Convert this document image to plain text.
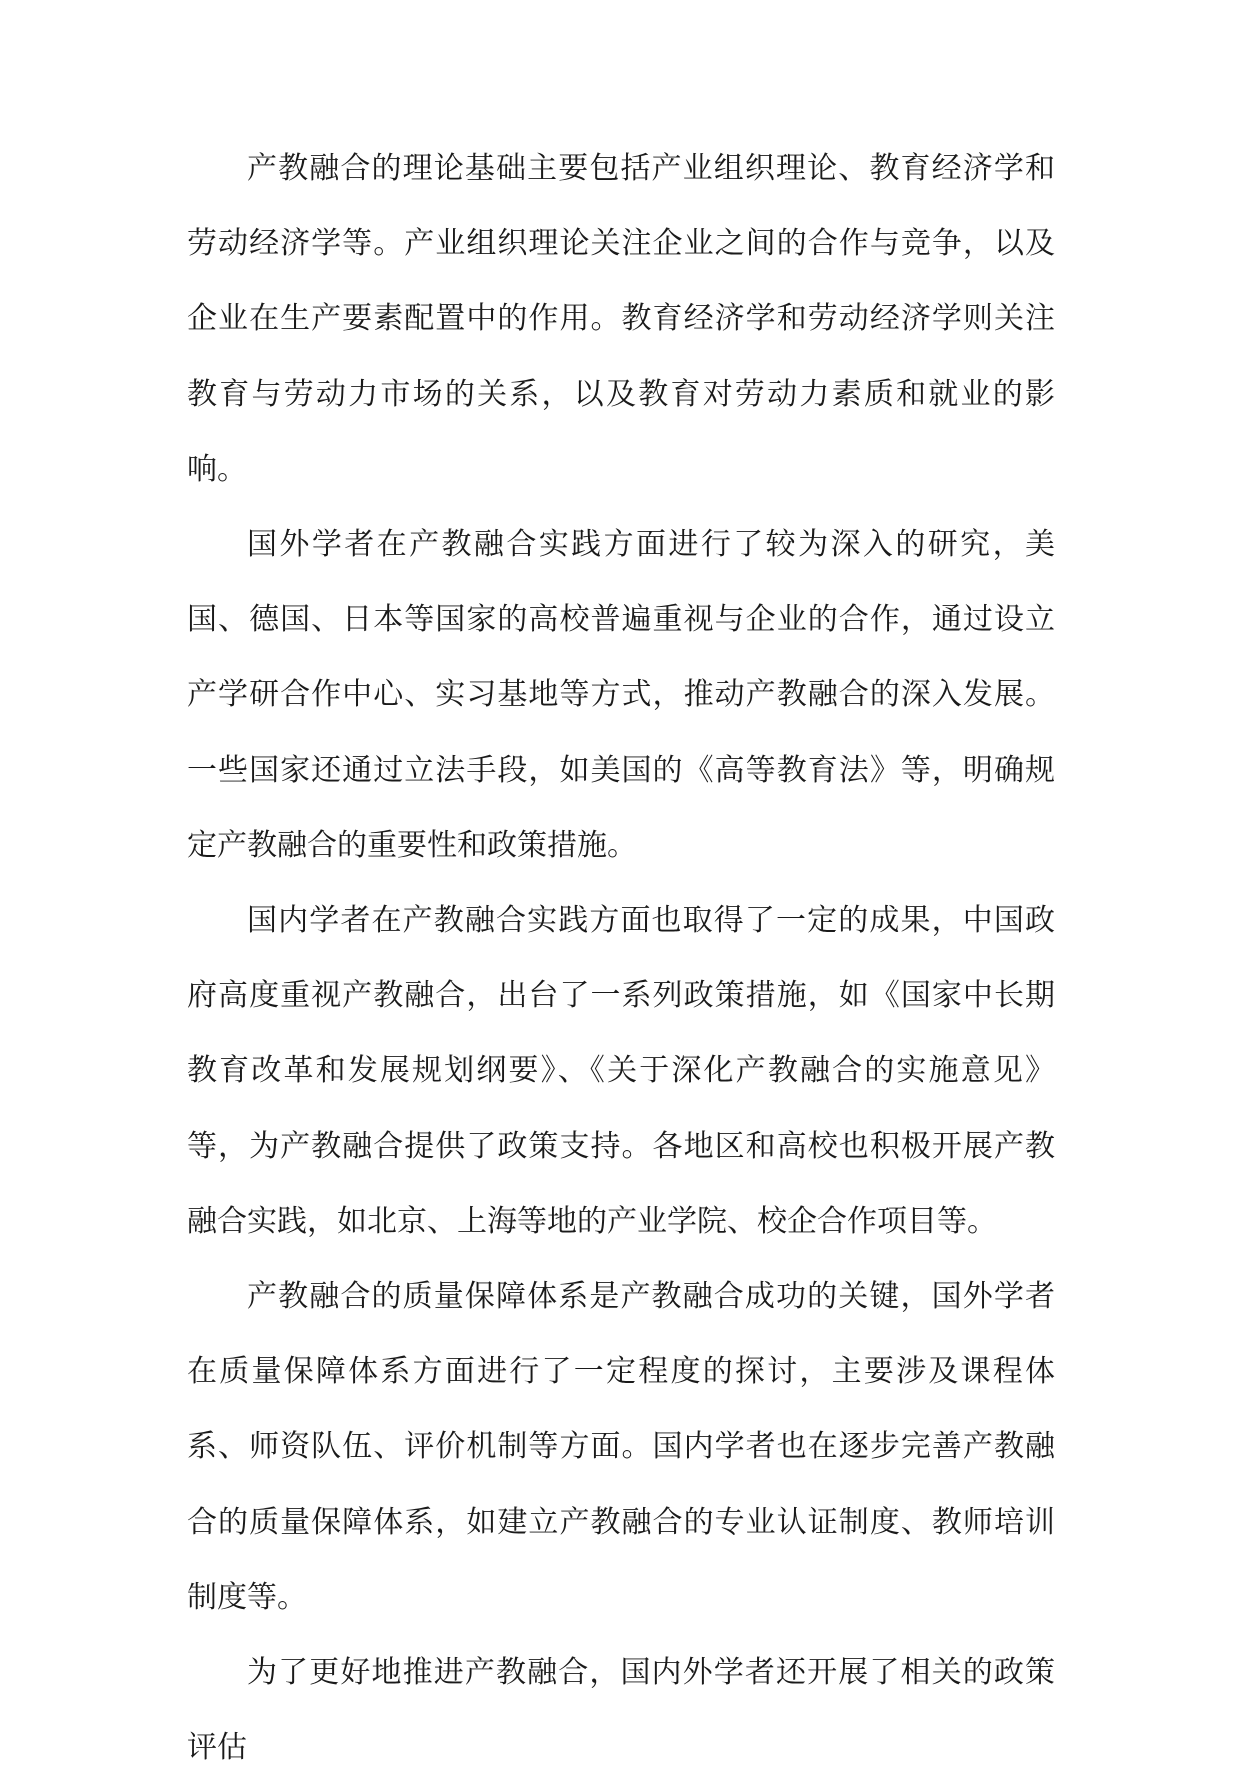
产教融合的理论基础主要包括产业组织理论、教育经济学和劳动经济学等。产业组织理论关注企业之间的合作与竞争，以及企业在生产要素配置中的作用。教育经济学和劳动经济学则关注教育与劳动力市场的关系，以及教育对劳动力素质和就业的影响。

国外学者在产教融合实践方面进行了较为深入的研究，美国、德国、日本等国家的高校普遍重视与企业的合作，通过设立产学研合作中心、实习基地等方式，推动产教融合的深入发展。一些国家还通过立法手段，如美国的《高等教育法》等，明确规定产教融合的重要性和政策措施。

国内学者在产教融合实践方面也取得了一定的成果，中国政府高度重视产教融合，出台了一系列政策措施，如《国家中长期教育改革和发展规划纲要》、《关于深化产教融合的实施意见》等，为产教融合提供了政策支持。各地区和高校也积极开展产教融合实践，如北京、上海等地的产业学院、校企合作项目等。

产教融合的质量保障体系是产教融合成功的关键，国外学者在质量保障体系方面进行了一定程度的探讨，主要涉及课程体系、师资队伍、评价机制等方面。国内学者也在逐步完善产教融合的质量保障体系，如建立产教融合的专业认证制度、教师培训制度等。

为了更好地推进产教融合，国内外学者还开展了相关的政策评估
